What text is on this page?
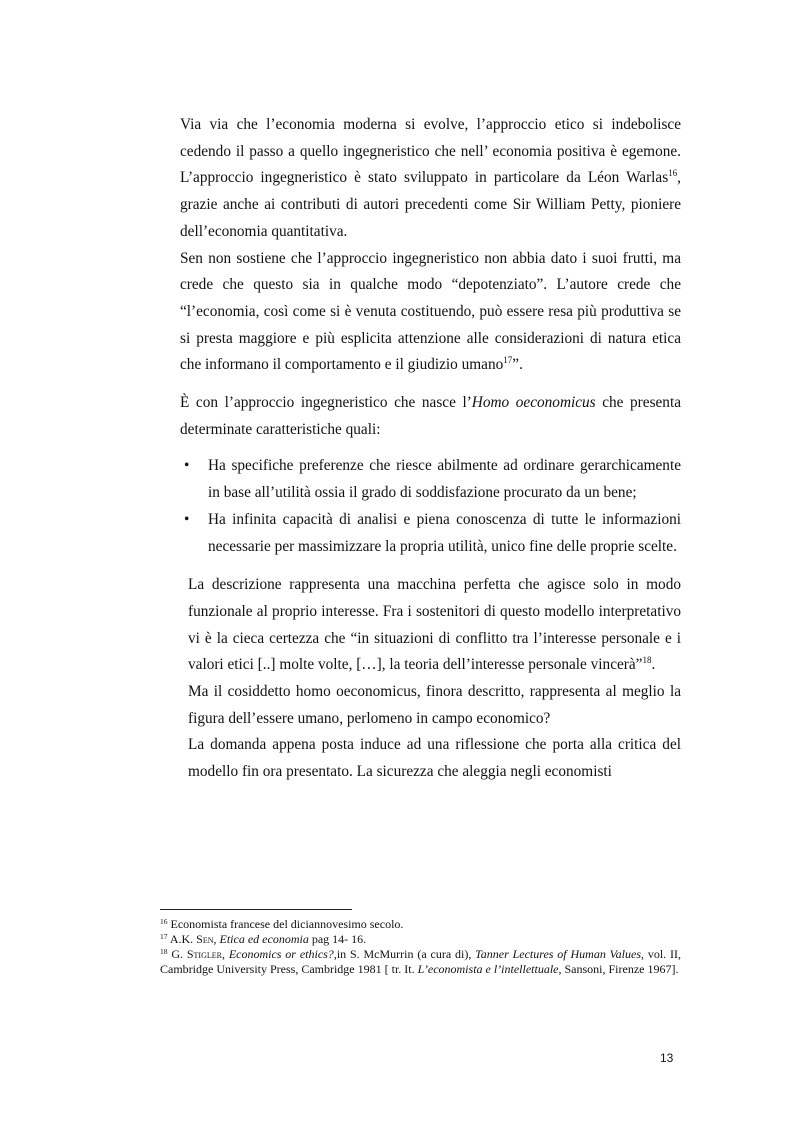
Via via che l’economia moderna si evolve, l’approccio etico si indebolisce cedendo il passo a quello ingegneristico che nell’ economia positiva è egemone. L’approccio ingegneristico è stato sviluppato in particolare da Léon Warlas$^{16}$, grazie anche ai contributi di autori precedenti come Sir William Petty, pioniere dell’economia quantitativa.

Sen non sostiene che l’approccio ingegneristico non abbia dato i suoi frutti, ma crede che questo sia in qualche modo “depotenziato”. L’autore crede che “l’economia, così come si è venuta costituendo, può essere resa più produttiva se si presta maggiore e più esplicita attenzione alle considerazioni di natura etica che informano il comportamento e il giudizio umano$^{17}$”.

È con l’approccio ingegneristico che nasce l’Homo oeconomicus che presenta determinate caratteristiche quali:

• Ha specifiche preferenze che riesce abilmente ad ordinare gerarchicamente in base all’utilità ossia il grado di soddisfazione procurato da un bene;
• Ha infinita capacità di analisi e piena conoscenza di tutte le informazioni necessarie per massimizzare la propria utilità, unico fine delle proprie scelte.

La descrizione rappresenta una macchina perfetta che agisce solo in modo funzionale al proprio interesse. Fra i sostenitori di questo modello interpretativo vi è la cieca certezza che “in situazioni di conflitto tra l’interesse personale e i valori etici [..] molte volte, […], la teoria dell’interesse personale vincerà”$^{18}$.

Ma il cosiddetto homo oeconomicus, finora descritto, rappresenta al meglio la figura dell’essere umano, perlomeno in campo economico?

La domanda appena posta induce ad una riflessione che porta alla critica del modello fin ora presentato. La sicurezza che aleggia negli economisti

$^{16}$ Economista francese del diciannovesimo secolo.

$^{17}$ A.K. Sen, Etica ed economia pag 14- 16.

$^{18}$ G. Stigler, Economics or ethics?,in S. McMurrin (a cura di), Tanner Lectures of Human Values, vol. II, Cambridge University Press, Cambridge 1981 [ tr. It. L’economista e l’intellettuale, Sansoni, Firenze 1967].

13
